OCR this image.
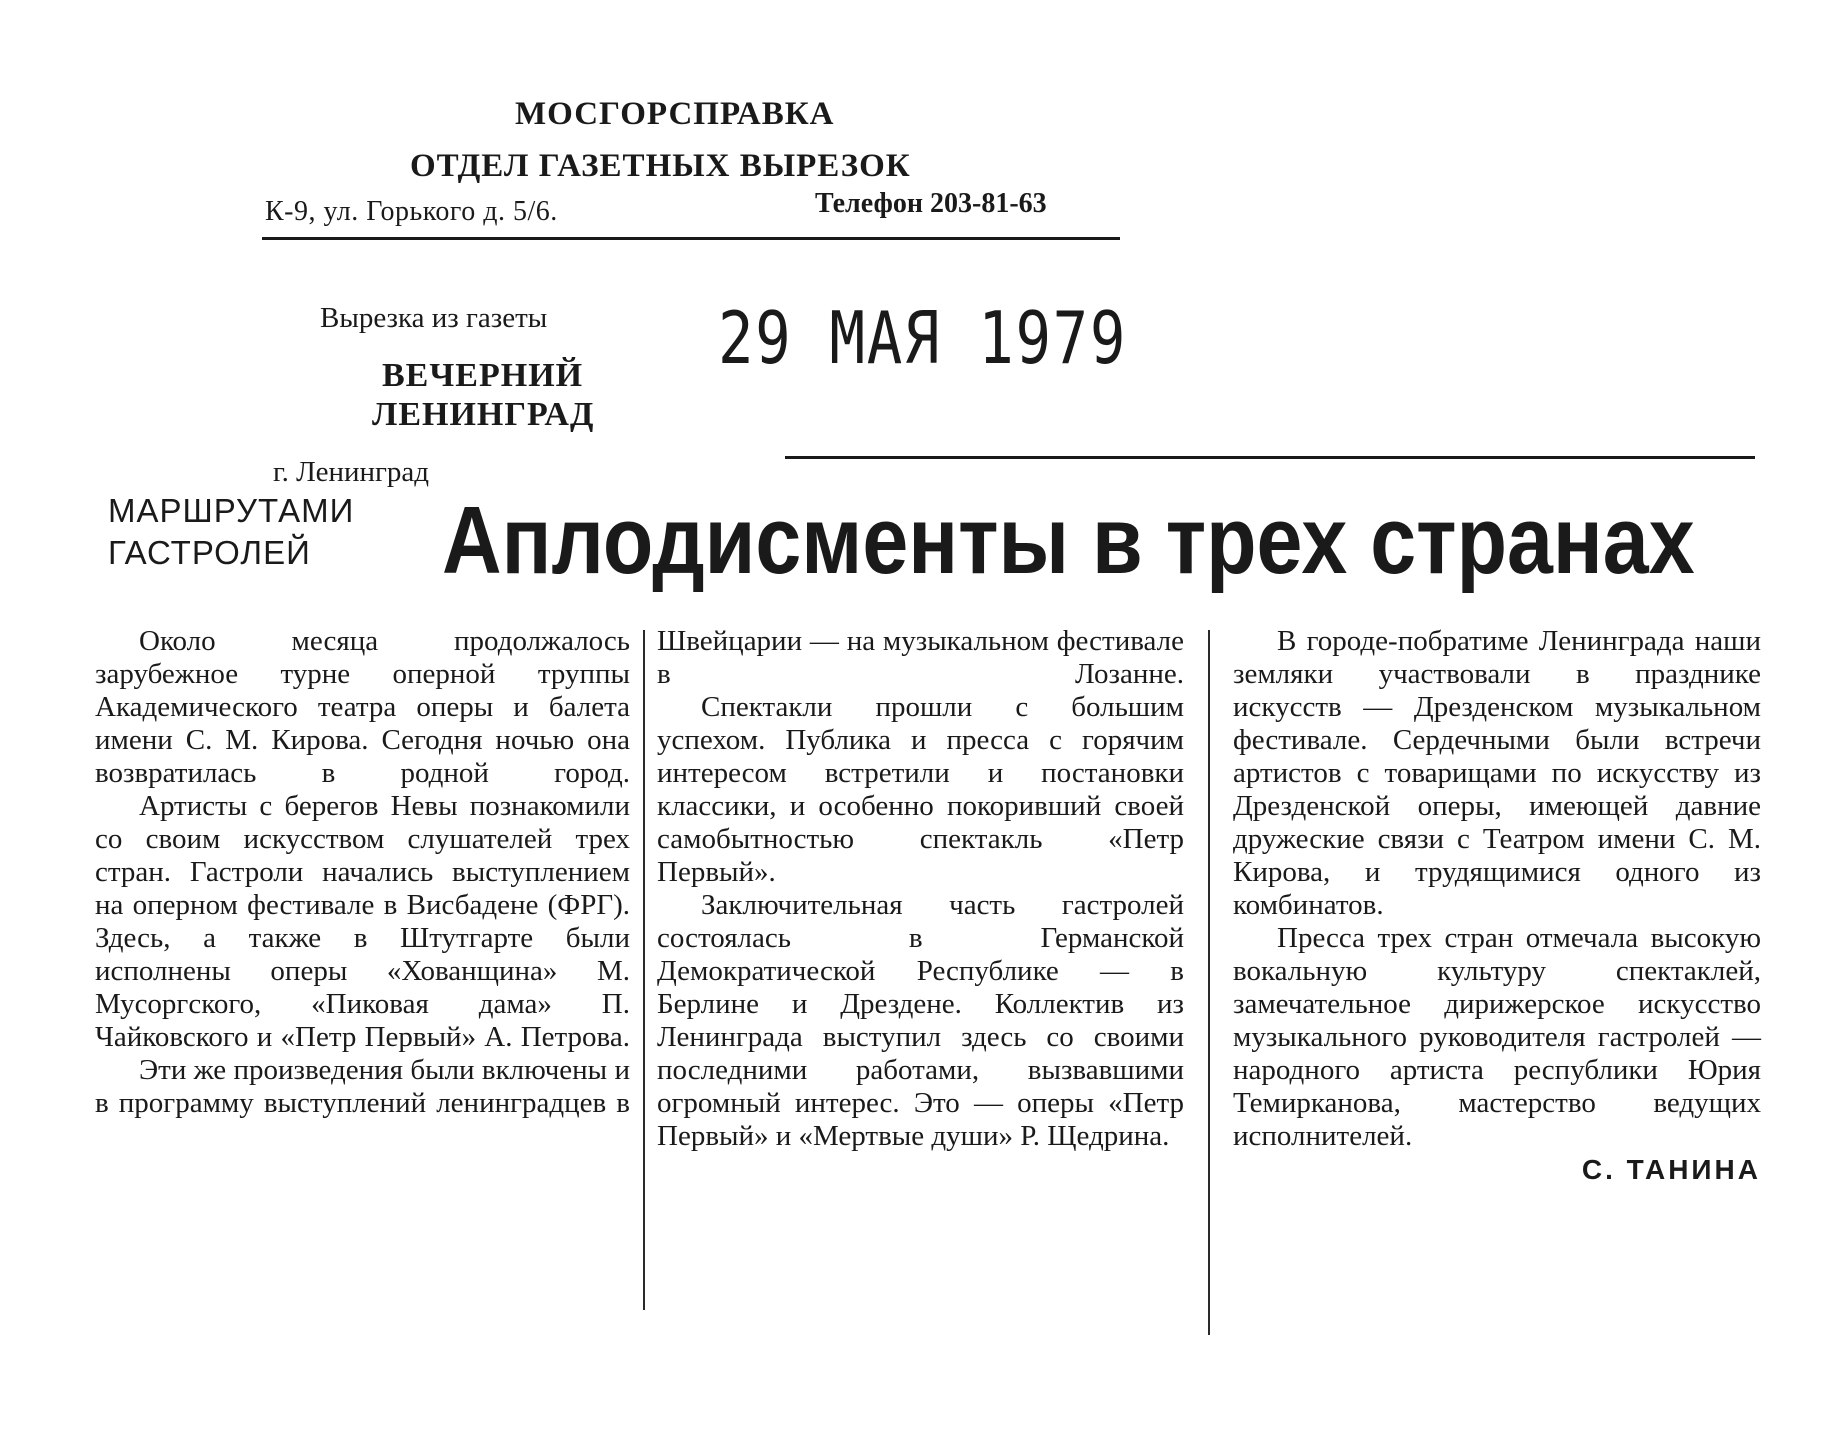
МОСГОРСПРАВКА
ОТДЕЛ ГАЗЕТНЫХ ВЫРЕЗОК
К-9, ул. Горького д. 5/6.	Телефон 203-81-63
Вырезка из газеты 29 МАЯ 1979
ВЕЧЕРНИЙ
ЛЕНИНГРАД
г. Ленинград
МАРШРУТАМИ
ГАСТРОЛЕЙ	Аплодисменты в трех странах

Около месяца продолжалось зарубежное турне оперной труппы Академического театра оперы и балета имени С. М. Кирова. Сегодня ночью она возвратилась в родной город.

Артисты с берегов Невы познакомили со своим искусством слушателей трех стран. Гастроли начались выступлением на оперном фестивале в Висбадене (ФРГ). Здесь, а также в Штутгарте были исполнены оперы «Хованщина» М. Мусоргского, «Пиковая дама» П. Чайковского и «Петр Первый» А. Петрова.

Эти же произведения были включены и в программу выступлений ленинградцев в

Швейцарии — на музыкальном фестивале в Лозанне.

Спектакли прошли с большим успехом. Публика и пресса с горячим интересом встретили и постановки классики, и особенно покоривший своей самобытностью спектакль «Петр Первый».

Заключительная часть гастролей состоялась в Германской Демократической Республике — в Берлине и Дрездене. Коллектив из Ленинграда выступил здесь со своими последними работами, вызвавшими огромный интерес. Это — оперы «Петр Первый» и «Мертвые души» Р. Щедрина.

В городе-побратиме Ленинграда наши земляки участвовали в празднике искусств — Дрезденском музыкальном фестивале. Сердечными были встречи артистов с товарищами по искусству из Дрезденской оперы, имеющей давние дружеские связи с Театром имени С. М. Кирова, и трудящимися одного из комбинатов.

Пресса трех стран отмечала высокую вокальную культуру спектаклей, замечательное дирижерское искусство музыкального руководителя гастролей — народного артиста республики Юрия Темирканова, мастерство ведущих исполнителей.

С. ТАНИНА
